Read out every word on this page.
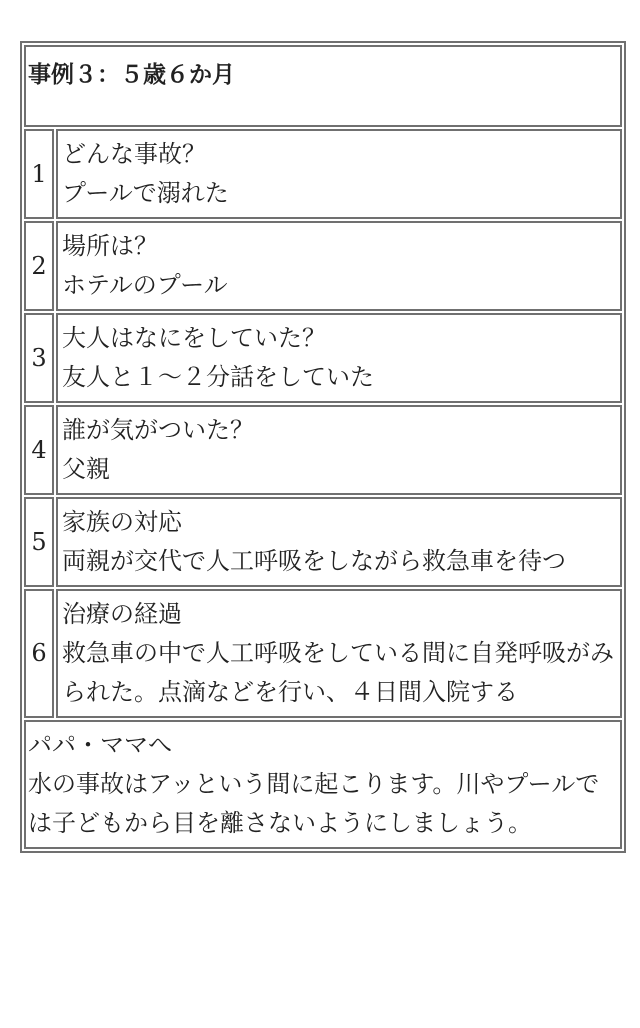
事例３：５歳６か月	
1	どんな事故？
プールで溺れた

2	場所は？
ホテルのプール

3	大人はなにをしていた？
友人と１～２分話をしていた

4	誰が気がついた？
父親

5	家族の対応
両親が交代で人工呼吸をしながら救急車を待つ

6	治療の経過
救急車の中で人工呼吸をしている間に自発呼吸がみられた。点滴などを行い、４日間入院する

パパ・ママへ
水の事故はアッという間に起こります。川やプールでは子どもから目を離さないようにしましょう。	
